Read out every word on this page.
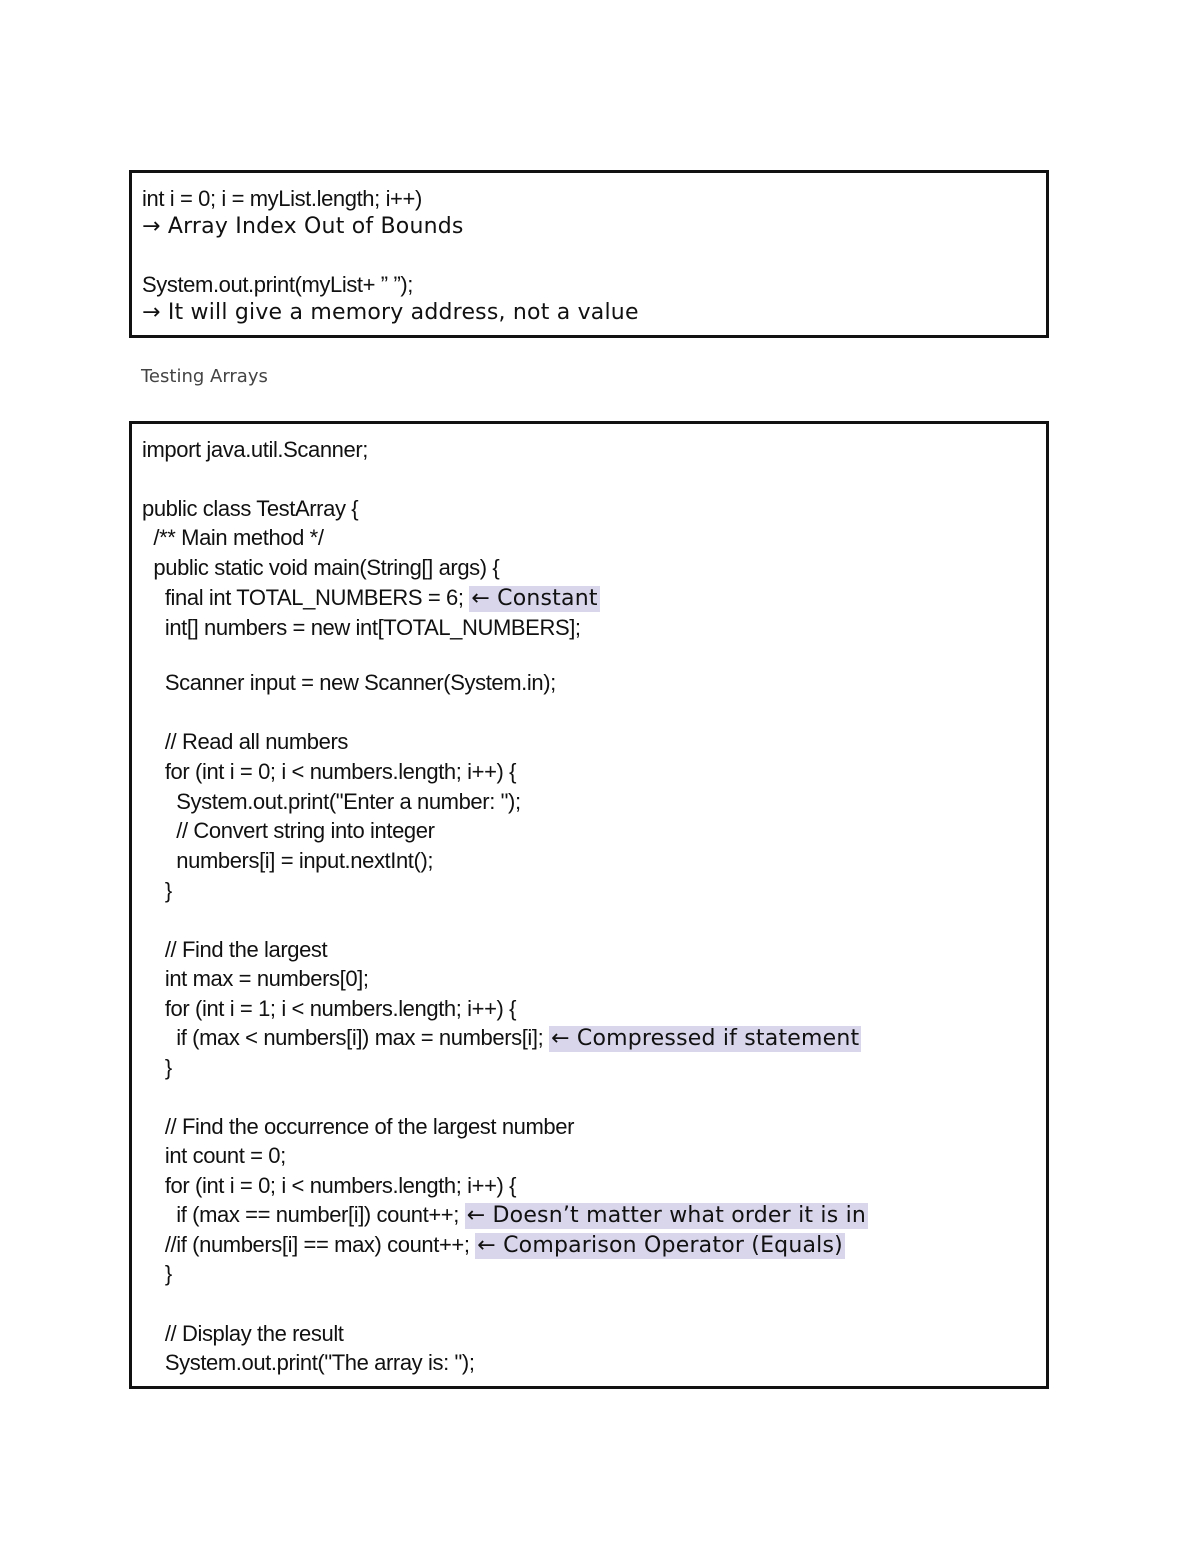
int i = 0; i = myList.length; i++)
→ Array Index Out of Bounds
System.out.print(myList+ ” ”);
→ It will give a memory address, not a value
Testing Arrays
import java.util.Scanner;
public class TestArray {
/** Main method */
public static void main(String[] args) {
final int TOTAL_NUMBERS = 6; ← Constant
int[] numbers = new int[TOTAL_NUMBERS];
Scanner input = new Scanner(System.in);
// Read all numbers
for (int i = 0; i < numbers.length; i++) {
System.out.print("Enter a number: ");
// Convert string into integer
numbers[i] = input.nextInt();
}
// Find the largest
int max = numbers[0];
for (int i = 1; i < numbers.length; i++) {
if (max < numbers[i]) max = numbers[i]; ← Compressed if statement
}
// Find the occurrence of the largest number
int count = 0;
for (int i = 0; i < numbers.length; i++) {
if (max == number[i]) count++; ← Doesn’t matter what order it is in
//if (numbers[i] == max) count++; ← Comparison Operator (Equals)
}
// Display the result
System.out.print("The array is: ");
